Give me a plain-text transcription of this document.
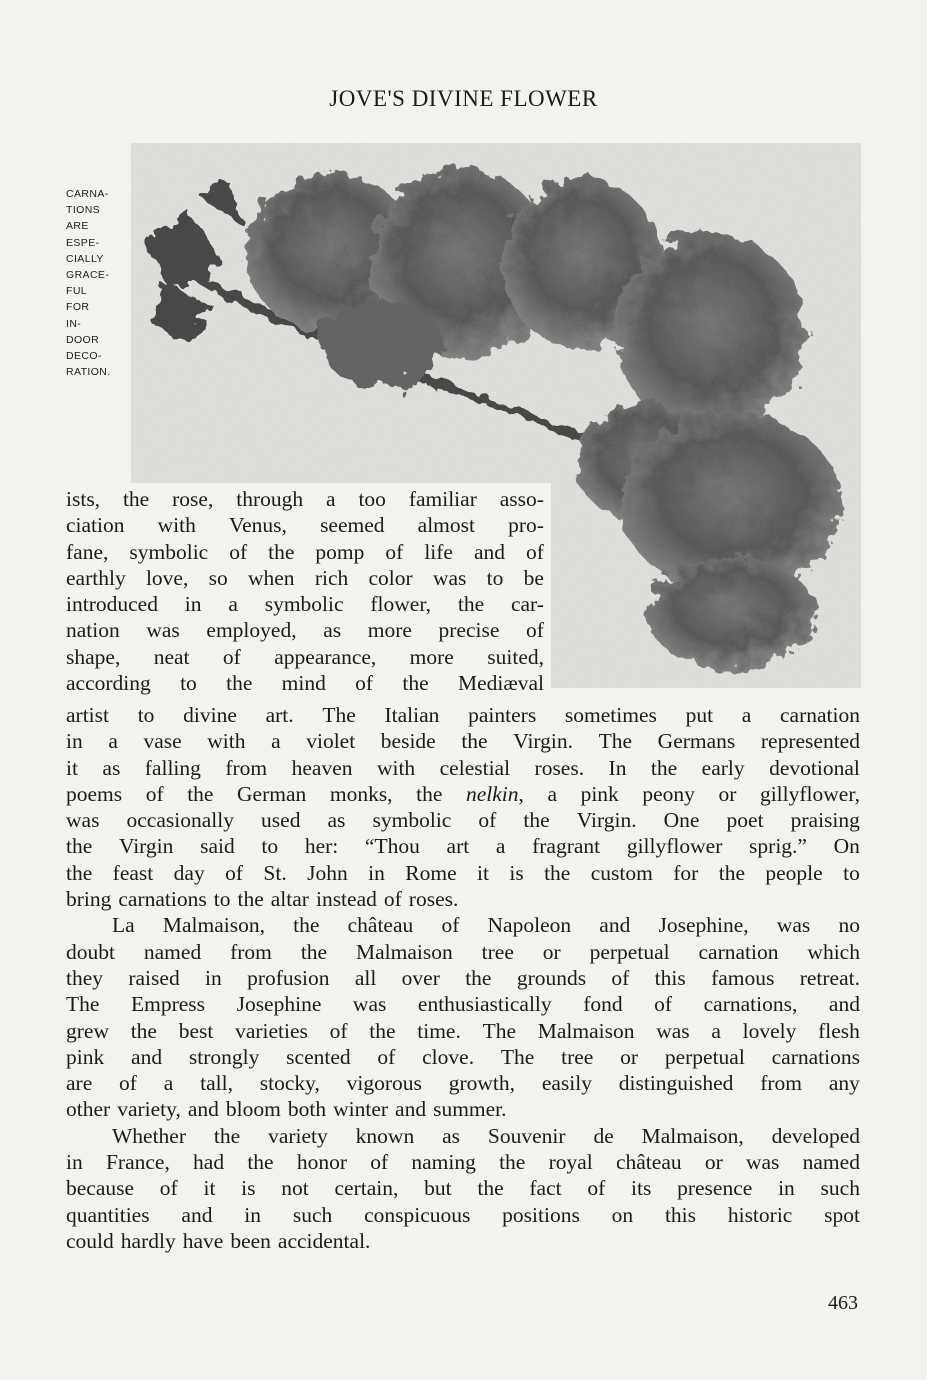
JOVE'S DIVINE FLOWER
CARNA-
TIONS
ARE
ESPE-
CIALLY
GRACE-
FUL
FOR
IN-
DOOR
DECO-
RATION.
ists, the rose, through a too familiar asso-
ciation with Venus, seemed almost pro-
fane, symbolic of the pomp of life and of
earthly love, so when rich color was to be
introduced in a symbolic flower, the car-
nation was employed, as more precise of
shape, neat of appearance, more suited,
according to the mind of the Mediæval
artist to divine art. The Italian painters sometimes put a carnation
in a vase with a violet beside the Virgin. The Germans represented
it as falling from heaven with celestial roses. In the early devotional
poems of the German monks, the nelkin, a pink peony or gillyflower,
was occasionally used as symbolic of the Virgin. One poet praising
the Virgin said to her: “Thou art a fragrant gillyflower sprig.” On
the feast day of St. John in Rome it is the custom for the people to
bring carnations to the altar instead of roses.
La Malmaison, the château of Napoleon and Josephine, was no
doubt named from the Malmaison tree or perpetual carnation which
they raised in profusion all over the grounds of this famous retreat.
The Empress Josephine was enthusiastically fond of carnations, and
grew the best varieties of the time. The Malmaison was a lovely flesh
pink and strongly scented of clove. The tree or perpetual carnations
are of a tall, stocky, vigorous growth, easily distinguished from any
other variety, and bloom both winter and summer.
Whether the variety known as Souvenir de Malmaison, developed
in France, had the honor of naming the royal château or was named
because of it is not certain, but the fact of its presence in such
quantities and in such conspicuous positions on this historic spot
could hardly have been accidental.
463
